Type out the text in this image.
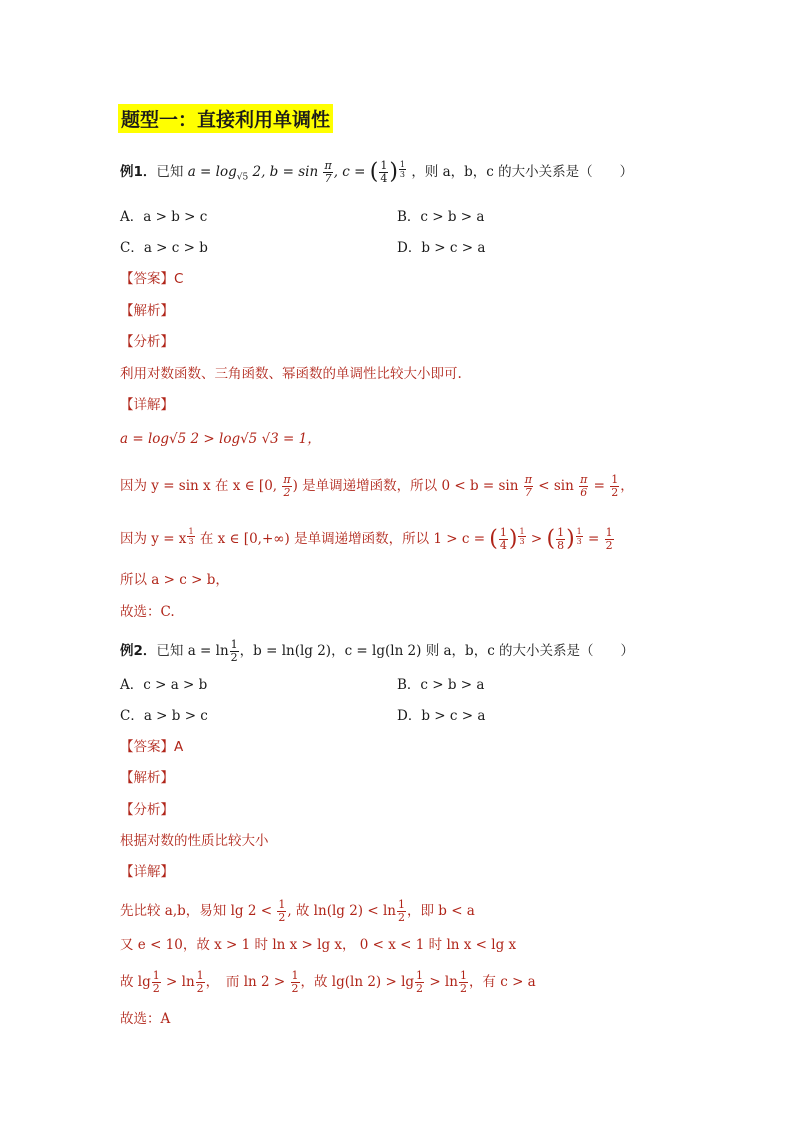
题型一：直接利用单调性
例1．已知 $a = \log_{√5} 2$, $b = \sin \frac{\pi}{7}$ , c = ( $\frac{1}{4}$ ) $\frac{1}{3}$ ，则 a，b，c 的大小关系是（　　）
A．a > b > c	B．c > b > a
C．a > c > b	D．b > c > a
【答案】C
【解析】
【分析】
利用对数函数、三角函数、幂函数的单调性比较大小即可.
【详解】
a = log√5 2 > log√5 √3 = 1，
因为 y = sin x 在 x ∈ [0, $\frac{\pi}{2}$ ) 是单调递增函数，所以 $0 < b = \sin \frac{\pi}{7} < \sin \frac{\pi}{6} = \frac{1}{2}$ ，
因为 y = x $\frac{1}{3}$ 在 x ∈ [0,+∞) 是单调递增函数，所以 1 > c = ( $\frac{1}{4}$ ) $\frac{1}{3}$ > ( $\frac{1}{8}$ ) $\frac{1}{3} = \frac{1}{2}$
所以 a > c > b，
故选：C.
例2．已知 $a = \ln \frac{1}{2}$ ，b = ln(lg 2)，c = lg(ln 2) 则 a，b，c 的大小关系是（　　）
A．c > a > b	B．c > b > a
C．a > b > c	D．b > c > a
【答案】A
【解析】
【分析】
根据对数的性质比较大小
【详解】
先比较 a,b，易知 $\lg 2 < \frac{1}{2}$ , 故 ln(lg $2) < \ln \frac{1}{2}$ ，即 b < a
又 e < 10，故 x > 1 时 ln x > lg x， 0 < x < 1 时 ln x < lg x
故 $\lg \frac{1}{2} > \ln \frac{1}{2}$ ，　而 $\ln 2 > \frac{1}{2}$ ，故 lg(ln $2) > \lg \frac{1}{2} > \ln \frac{1}{2}$ ，有 c > a
故选：A
